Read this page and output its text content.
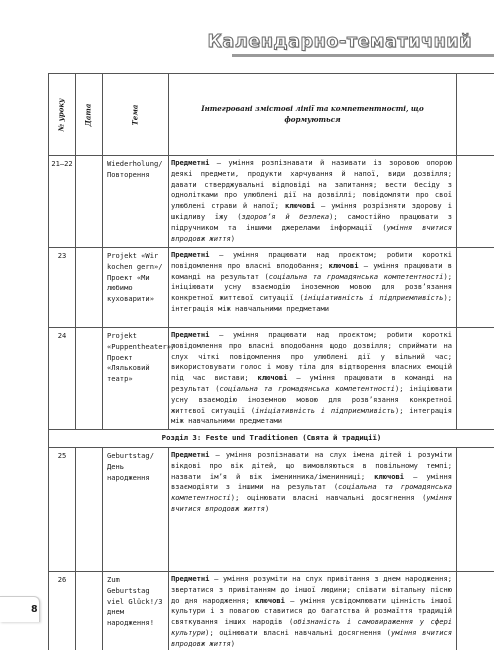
Календарно-тематичний
№ уроку	Дата	Тема	Інтегровані змістові лінії та компетентності, що формуються	
21—22		Wiederholung/ Повторення	Предметні — уміння розпізнавати й називати із зоровою опорою деякі предмети, продукти харчування й напої, види дозвілля; давати стверджувальні відповіді на запитання; вести бесіду з однолітками про улюблені дії на дозвіллі; повідомляти про свої улюблені страви й напої; ключові — уміння розрізняти здорову і шкідливу їжу (здоров’я й безпека); самостійно працювати з підручником та іншими джерелами інформації (уміння вчитися впродовж життя)	
23		Projekt «Wir kochen gern»/ Проект «Ми любимо куховарити»	Предметні — уміння працювати над проєктом; робити короткі повідомлення про власні вподобання; ключові — уміння працювати в команді на результат (соціальна та громадянська компетентності); ініціювати усну взаємодію іноземною мовою для розв’язання конкретної життєвої ситуації (ініціативність і підприємливість); інтеграція між навчальними предметами	
24		Projekt «Puppentheater»/ Проект «Ляльковий театр»	Предметні — уміння працювати над проєктом; робити короткі повідомлення про власні вподобання щодо дозвілля; сприймати на слух чіткі повідомлення про улюблені дії у вільний час; використовувати голос і мову тіла для відтворення власних емоцій під час вистави; ключові — уміння працювати в команді на результат (соціальна та громадянська компетентності); ініціювати усну взаємодію іноземною мовою для розв’язання конкретної життєвої ситуації (ініціативність і підприємливість); інтеграція між навчальними предметами	
Розділ 3: Feste und Traditionen (Свята й традиції)				
25		Geburtstag/ День народження	Предметні — уміння розпізнавати на слух імена дітей і розуміти вiкдові про вік дітей, що вимовляються в повільному темпі; назвати ім’я й вік іменинника/іменинниці; ключові — уміння взаємодіяти з іншими на результат (соціальна та громадянська компетентності); оцінювати власні навчальні досягнення (уміння вчитися впродовж життя)	
26		Zum Geburtstag viel Glück!/З днем народження!	Предметні — уміння розуміти на слух привітання з днем народження; звертатися з привітанням до іншої людини; співати вітальну пісню до дня народження; ключові — уміння усвідомлювати цінність іншої культури і з повагою ставитися до багатства й розмаїття традицій святкування інших народів (обізнаність і самовираження у сфері культури); оцінювати власні навчальні досягнення (уміння вчитися впродовж життя)	
8
